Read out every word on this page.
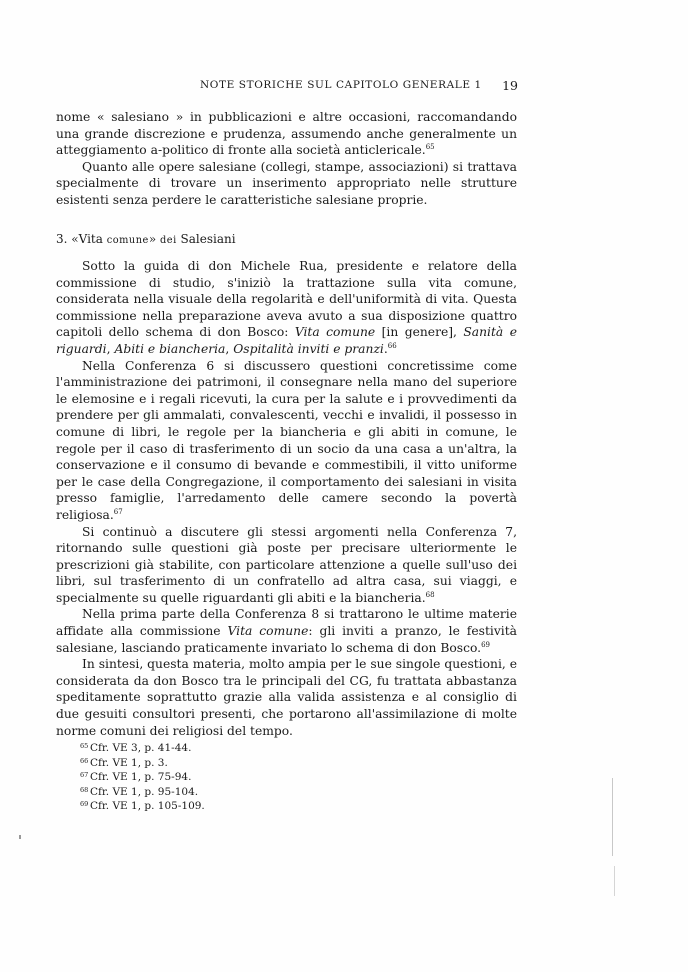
NOTE STORICHE SUL CAPITOLO GENERALE 1 19

nome « salesiano » in pubblicazioni e altre occasioni, raccomandando una grande discrezione e prudenza, assumendo anche generalmente un atteggiamento a-politico di fronte alla società anticlericale.$^{65}$

Quanto alle opere salesiane (collegi, stampe, associazioni) si trattava specialmente di trovare un inserimento appropriato nelle strutture esistenti senza perdere le caratteristiche salesiane proprie.

3. «Vita comune» dei Salesiani

Sotto la guida di don Michele Rua, presidente e relatore della commissione di studio, s'iniziò la trattazione sulla vita comune, considerata nella visuale della regolarità e dell'uniformità di vita. Questa commissione nella preparazione aveva avuto a sua disposizione quattro capitoli dello schema di don Bosco: Vita comune [in genere], Sanità e riguardi, Abiti e biancheria, Ospitalità inviti e pranzi.$^{66}$

Nella Conferenza 6 si discussero questioni concretissime come l'amministrazione dei patrimoni, il consegnare nella mano del superiore le elemosine e i regali ricevuti, la cura per la salute e i provvedimenti da prendere per gli ammalati, convalescenti, vecchi e invalidi, il possesso in comune di libri, le regole per la biancheria e gli abiti in comune, le regole per il caso di trasferimento di un socio da una casa a un'altra, la conservazione e il consumo di bevande e commestibili, il vitto uniforme per le case della Congregazione, il comportamento dei salesiani in visita presso famiglie, l'arredamento delle camere secondo la povertà religiosa.$^{67}$

Si continuò a discutere gli stessi argomenti nella Conferenza 7, ritornando sulle questioni già poste per precisare ulteriormente le prescrizioni già stabilite, con particolare attenzione a quelle sull'uso dei libri, sul trasferimento di un confratello ad altra casa, sui viaggi, e specialmente su quelle riguardanti gli abiti e la biancheria.$^{68}$

Nella prima parte della Conferenza 8 si trattarono le ultime materie affidate alla commissione Vita comune: gli inviti a pranzo, le festività salesiane, lasciando praticamente invariato lo schema di don Bosco.$^{69}$

In sintesi, questa materia, molto ampia per le sue singole questioni, e considerata da don Bosco tra le principali del CG, fu trattata abbastanza speditamente soprattutto grazie alla valida assistenza e al consiglio di due gesuiti consultori presenti, che portarono all'assimilazione di molte norme comuni dei religiosi del tempo.

65 Cfr. VE 3, p. 41-44.
66 Cfr. VE 1, p. 3.
67 Cfr. VE 1, p. 75-94.
68 Cfr. VE 1, p. 95-104.
69 Cfr. VE 1, p. 105-109.
